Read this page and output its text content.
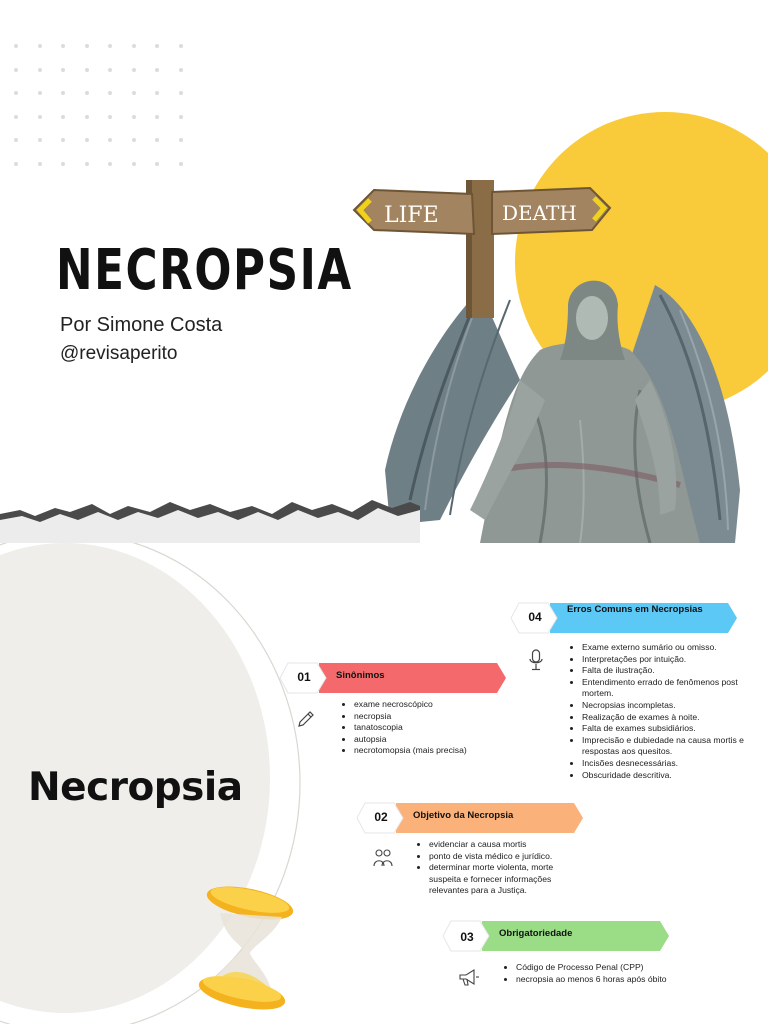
NECROPSIA

Por Simone Costa

@revisaperito

LIFE	DEATH
Necropsia
04
Erros Comuns em Necropsias
• Exame externo sumário ou omisso.
• Interpretações por intuição.
• Falta de ilustração.
• Entendimento errado de fenômenos post mortem.
• Necropsias incompletas.
• Realização de exames à noite.
• Falta de exames subsidiários.
• Imprecisão e dubiedade na causa mortis e respostas aos quesitos.
• Incisões desnecessárias.
• Obscuridade descritiva.
01	Sinônimos
• exame necroscópico
• necropsia
• tanatoscopia
• autopsia
• necrotomopsia (mais precisa)
02	Objetivo da Necropsia
• evidenciar a causa mortis
• ponto de vista médico e jurídico.
• determinar morte violenta, morte suspeita e fornecer informações relevantes para a Justiça.
03	Obrigatoriedade
• Código de Processo Penal (CPP)
• necropsia ao menos 6 horas após óbito
